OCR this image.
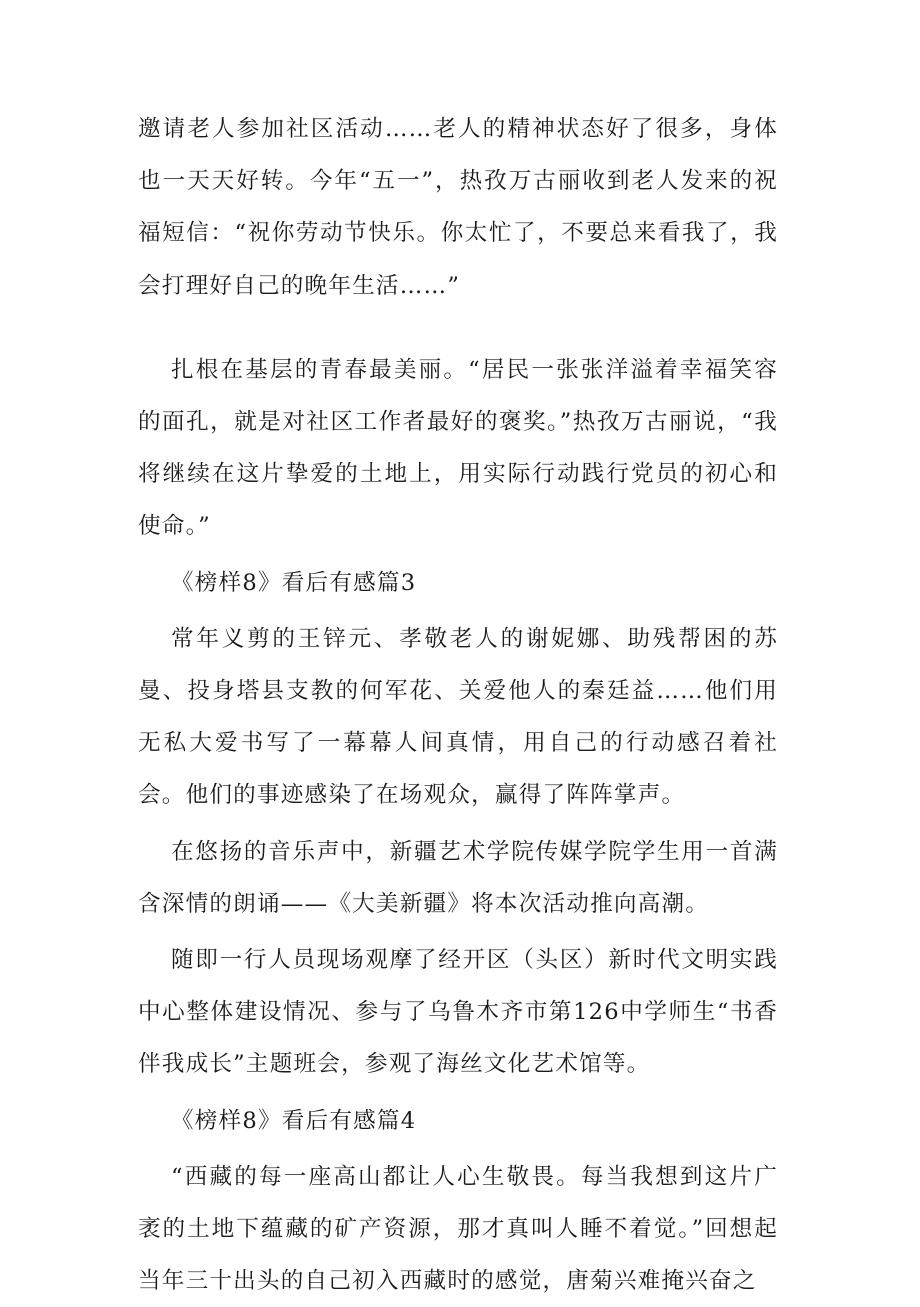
邀请老人参加社区活动……老人的精神状态好了很多，身体也一天天好转。今年“五一”，热孜万古丽收到老人发来的祝福短信：“祝你劳动节快乐。你太忙了，不要总来看我了，我会打理好自己的晚年生活……”

扎根在基层的青春最美丽。“居民一张张洋溢着幸福笑容的面孔，就是对社区工作者最好的褒奖。”热孜万古丽说，“我将继续在这片挚爱的土地上，用实际行动践行党员的初心和使命。”

《榜样8》看后有感篇3

常年义剪的王锌元、孝敬老人的谢妮娜、助残帮困的苏曼、投身塔县支教的何军花、关爱他人的秦廷益……他们用无私大爱书写了一幕幕人间真情，用自己的行动感召着社会。他们的事迹感染了在场观众，赢得了阵阵掌声。

在悠扬的音乐声中，新疆艺术学院传媒学院学生用一首满含深情的朗诵——《大美新疆》将本次活动推向高潮。

随即一行人员现场观摩了经开区（头区）新时代文明实践中心整体建设情况、参与了乌鲁木齐市第126中学师生“书香伴我成长”主题班会，参观了海丝文化艺术馆等。

《榜样8》看后有感篇4

“西藏的每一座高山都让人心生敬畏。每当我想到这片广袤的土地下蕴藏的矿产资源，那才真叫人睡不着觉。”回想起当年三十出头的自己初入西藏时的感觉，唐菊兴难掩兴奋之
